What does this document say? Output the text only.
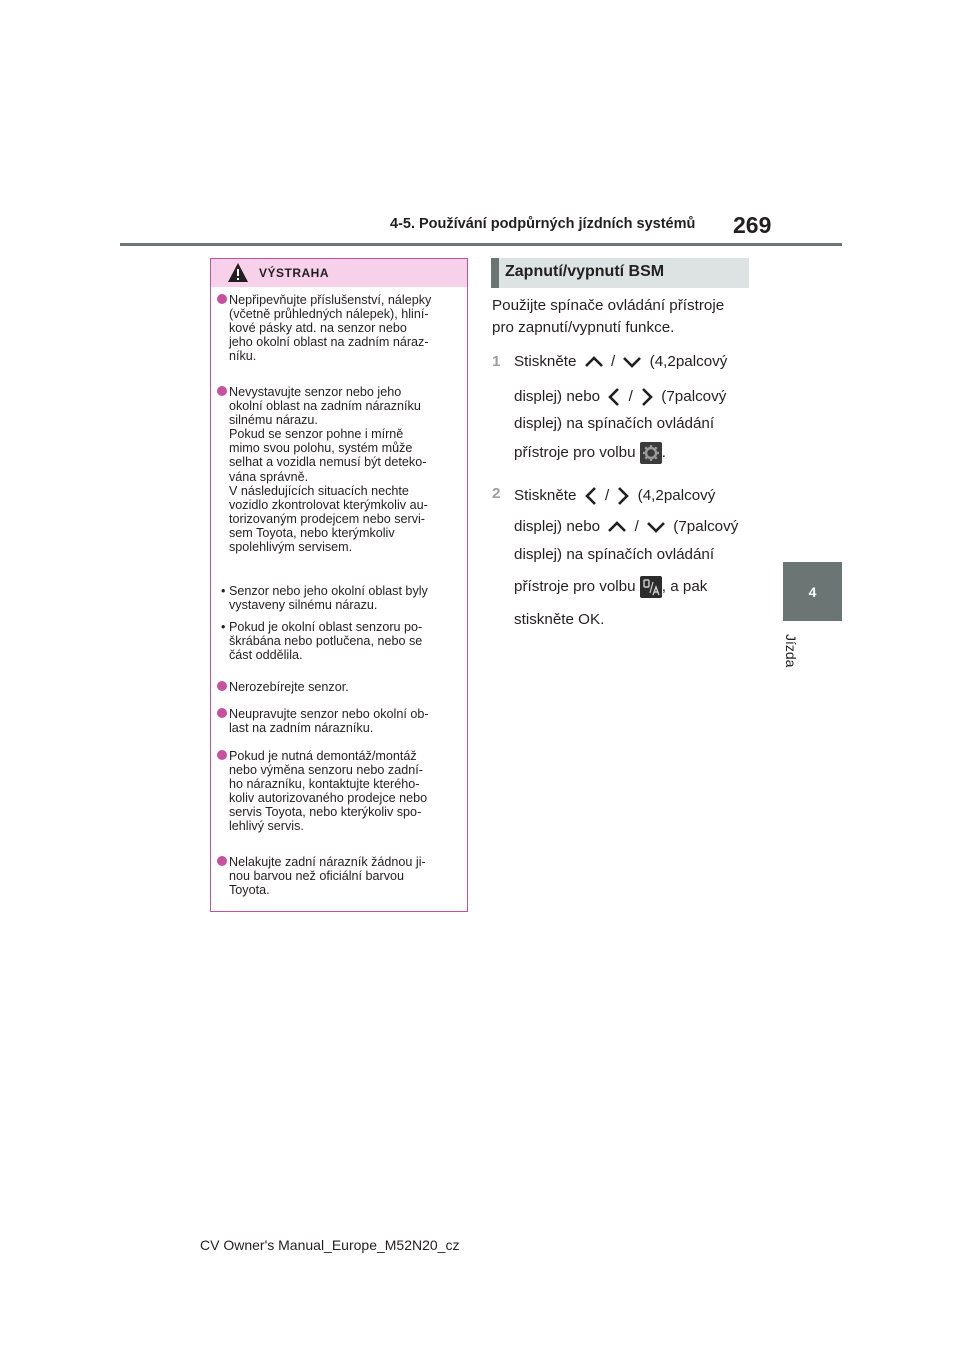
4-5. Používání podpůrných jízdních systémů 269
4
Jízda
VÝSTRAHA
Nepřipevňujte příslušenství, nálepky
(včetně průhledných nálepek), hliní-
kové pásky atd. na senzor nebo
jeho okolní oblast na zadním náraz-
níku.
Nevystavujte senzor nebo jeho
okolní oblast na zadním nárazníku
silnému nárazu.
Pokud se senzor pohne i mírně
mimo svou polohu, systém může
selhat a vozidla nemusí být deteko-
vána správně.
V následujících situacích nechte
vozidlo zkontrolovat kterýmkoliv au-
torizovaným prodejcem nebo servi-
sem Toyota, nebo kterýmkoliv
spolehlivým servisem.
• Senzor nebo jeho okolní oblast byly
vystaveny silnému nárazu.
• Pokud je okolní oblast senzoru po-
škrábána nebo potlučena, nebo se
část oddělila.
Nerozebírejte senzor.
Neupravujte senzor nebo okolní ob-
last na zadním nárazníku.
Pokud je nutná demontáž/montáž
nebo výměna senzoru nebo zadní-
ho nárazníku, kontaktujte kterého-
koliv autorizovaného prodejce nebo
servis Toyota, nebo kterýkoliv spo-
lehlivý servis.
Nelakujte zadní nárazník žádnou ji-
nou barvou než oficiální barvou
Toyota.
Zapnutí/vypnutí BSM
Použijte spínače ovládání přístroje
pro zapnutí/vypnutí funkce.
1 Stiskněte / (4,2palcový
displej) nebo / (7palcový
displej) na spínačích ovládání
přístroje pro volbu .
2 Stiskněte / (4,2palcový
displej) nebo / (7palcový
displej) na spínačích ovládání
přístroje pro volbu , a pak
stiskněte OK.
CV Owner's Manual_Europe_M52N20_cz
